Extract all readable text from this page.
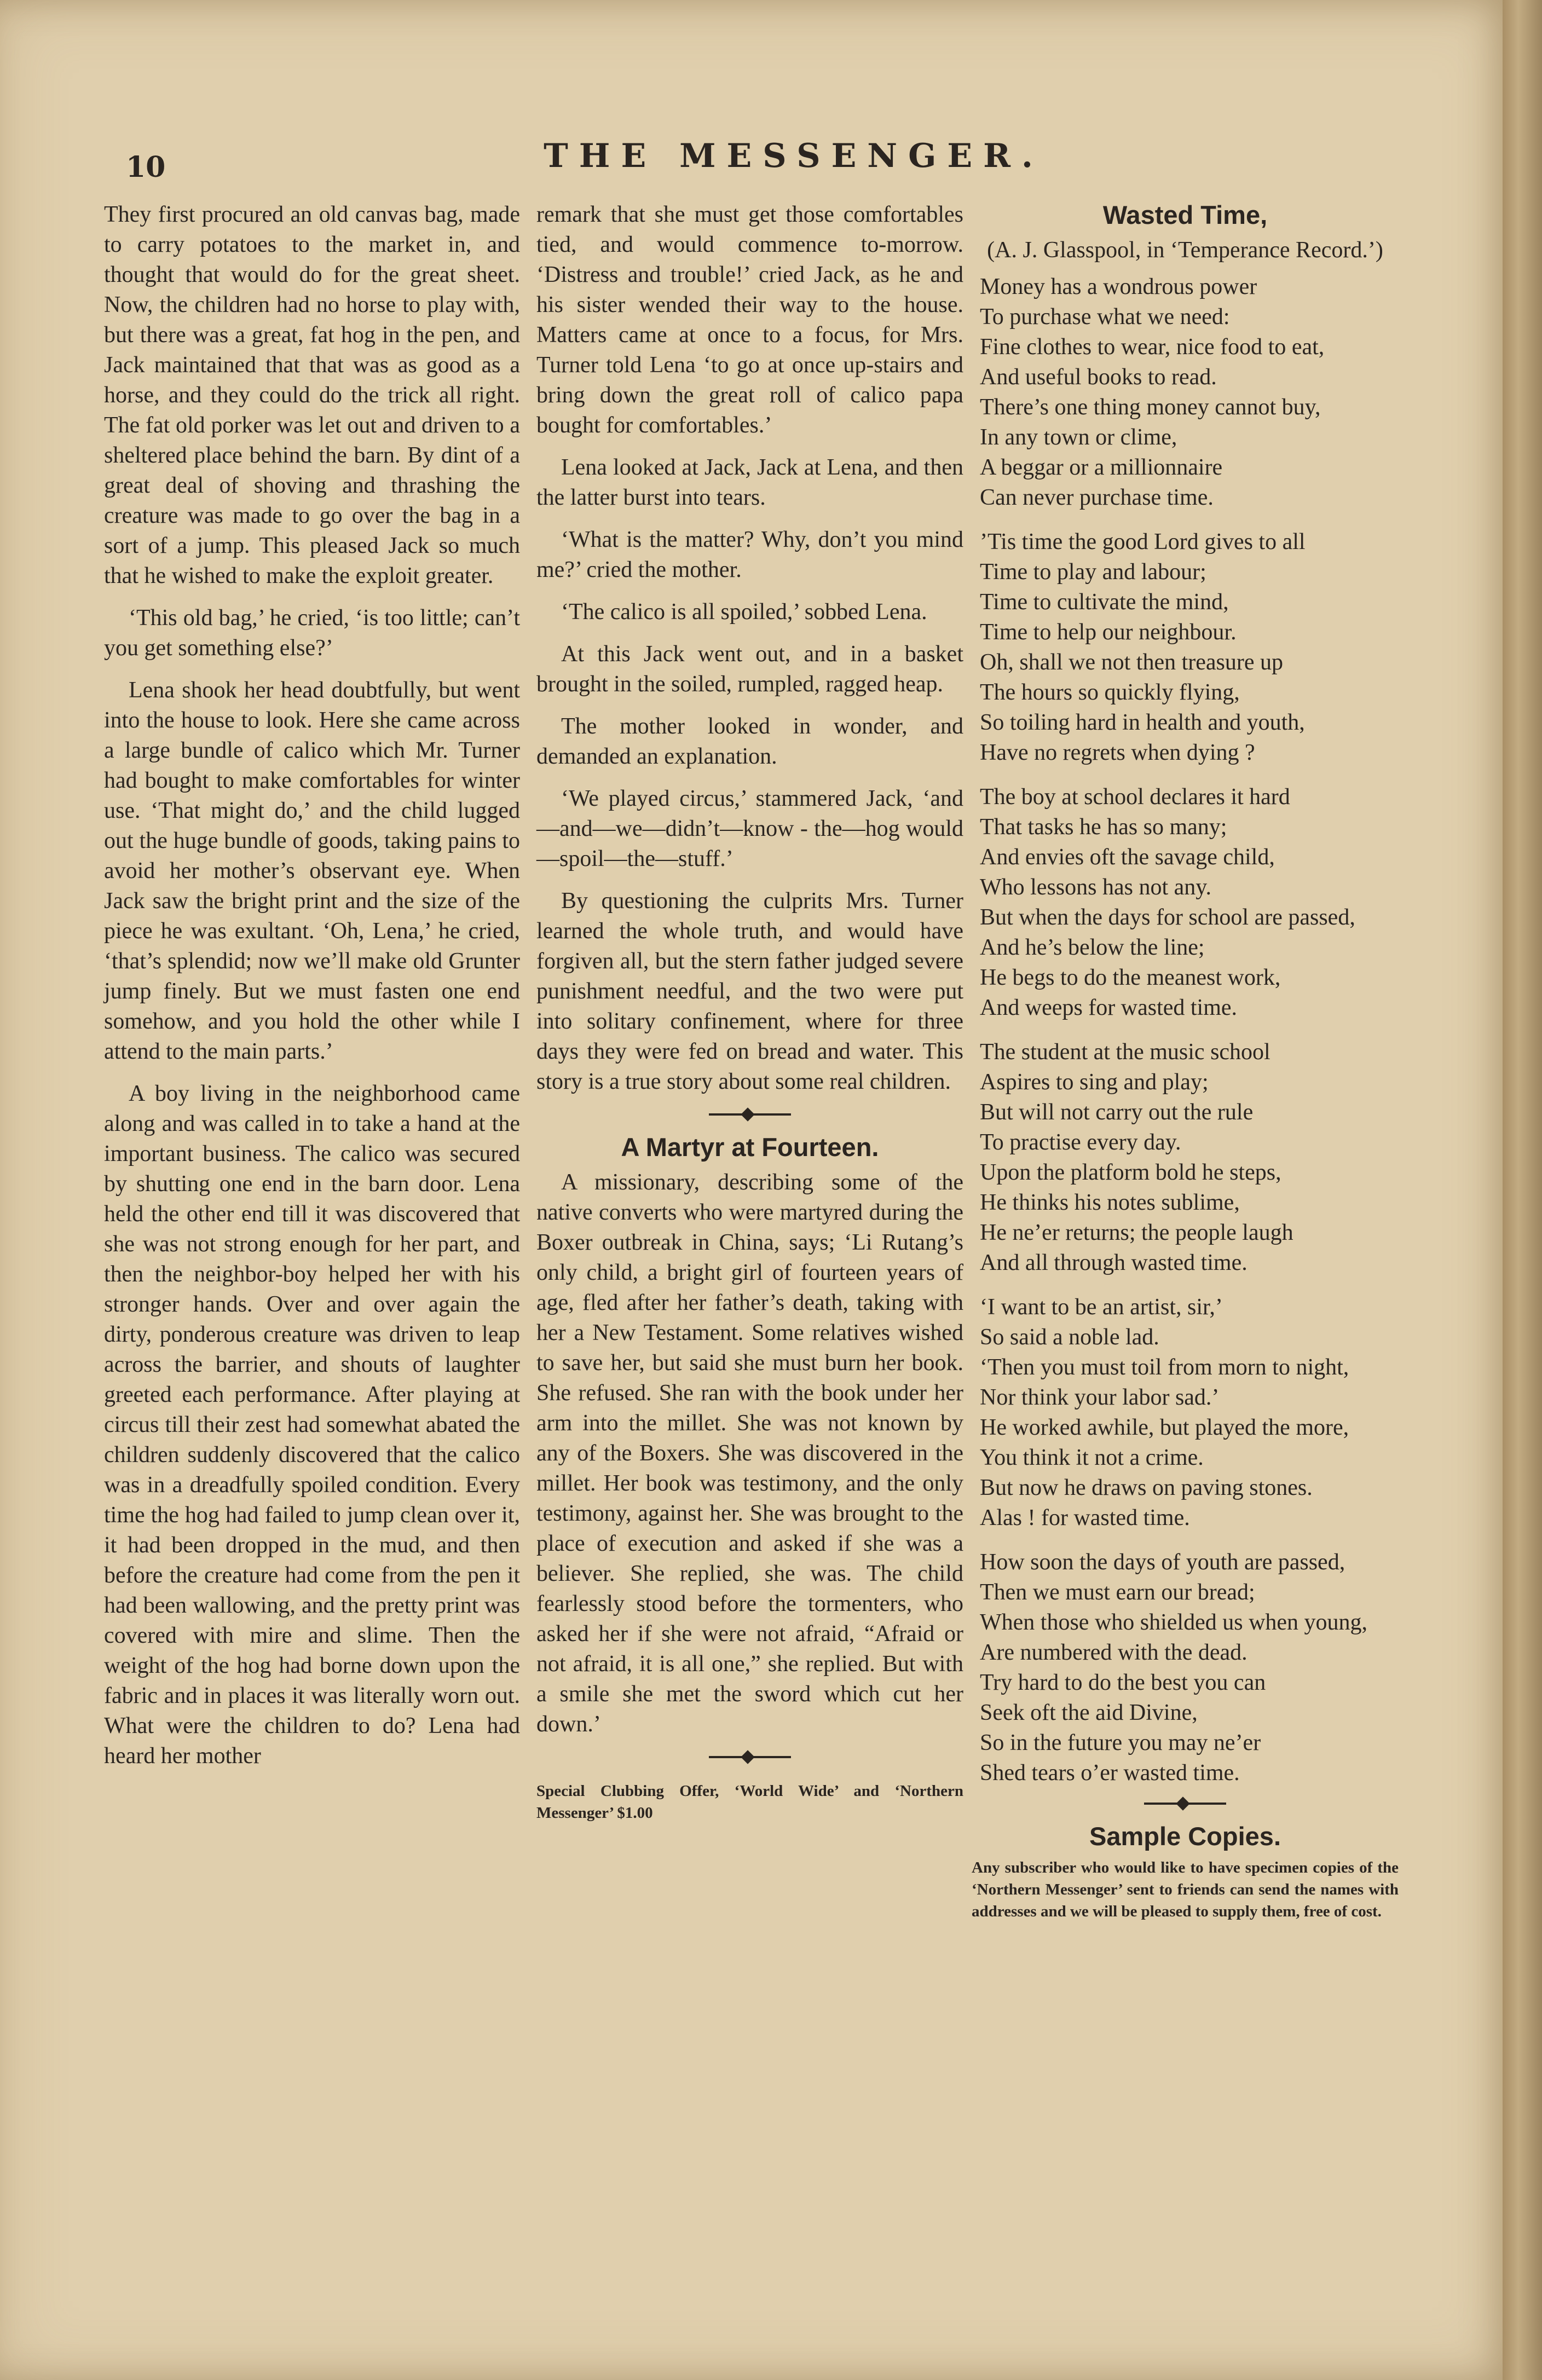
10	THE MESSENGER.

They first procured an old canvas bag, made to carry potatoes to the market in, and thought that would do for the great sheet. Now, the children had no horse to play with, but there was a great, fat hog in the pen, and Jack maintained that that was as good as a horse, and they could do the trick all right. The fat old porker was let out and driven to a sheltered place behind the barn. By dint of a great deal of shoving and thrashing the creature was made to go over the bag in a sort of a jump. This pleased Jack so much that he wished to make the exploit greater.

‘This old bag,’ he cried, ‘is too little; can’t you get something else?’

Lena shook her head doubtfully, but went into the house to look. Here she came across a large bundle of calico which Mr. Turner had bought to make comfortables for winter use. ‘That might do,’ and the child lugged out the huge bundle of goods, taking pains to avoid her mother’s observant eye. When Jack saw the bright print and the size of the piece he was exultant. ‘Oh, Lena,’ he cried, ‘that’s splendid; now we’ll make old Grunter jump finely. But we must fasten one end somehow, and you hold the other while I attend to the main parts.’

A boy living in the neighborhood came along and was called in to take a hand at the important business. The calico was secured by shutting one end in the barn door. Lena held the other end till it was discovered that she was not strong enough for her part, and then the neighbor-boy helped her with his stronger hands. Over and over again the dirty, ponderous creature was driven to leap across the barrier, and shouts of laughter greeted each performance. After playing at circus till their zest had somewhat abated the children suddenly discovered that the calico was in a dreadfully spoiled condition. Every time the hog had failed to jump clean over it, it had been dropped in the mud, and then before the creature had come from the pen it had been wallowing, and the pretty print was covered with mire and slime. Then the weight of the hog had borne down upon the fabric and in places it was literally worn out. What were the children to do? Lena had heard her mother

remark that she must get those comfortables tied, and would commence to-morrow. ‘Distress and trouble!’ cried Jack, as he and his sister wended their way to the house. Matters came at once to a focus, for Mrs. Turner told Lena ‘to go at once up-stairs and bring down the great roll of calico papa bought for comfortables.’

Lena looked at Jack, Jack at Lena, and then the latter burst into tears.

‘What is the matter? Why, don’t you mind me?’ cried the mother.

‘The calico is all spoiled,’ sobbed Lena.

At this Jack went out, and in a basket brought in the soiled, rumpled, ragged heap.

The mother looked in wonder, and demanded an explanation.

‘We played circus,’ stammered Jack, ‘and—and—we—didn’t—know - the—hog would—spoil—the—stuff.’

By questioning the culprits Mrs. Turner learned the whole truth, and would have forgiven all, but the stern father judged severe punishment needful, and the two were put into solitary confinement, where for three days they were fed on bread and water. This story is a true story about some real children.

A Martyr at Fourteen.

A missionary, describing some of the native converts who were martyred during the Boxer outbreak in China, says; ‘Li Rutang’s only child, a bright girl of fourteen years of age, fled after her father’s death, taking with her a New Testament. Some relatives wished to save her, but said she must burn her book. She refused. She ran with the book under her arm into the millet. She was not known by any of the Boxers. She was discovered in the millet. Her book was testimony, and the only testimony, against her. She was brought to the place of execution and asked if she was a believer. She replied, she was. The child fearlessly stood before the tormenters, who asked her if she were not afraid, “Afraid or not afraid, it is all one,” she replied. But with a smile she met the sword which cut her down.’

Special Clubbing Offer, ‘World Wide’ and ‘Northern Messenger’ $1.00
Wasted Time,
(A. J. Glasspool, in ‘Temperance Record.’)
Money has a wondrous power
To purchase what we need:
Fine clothes to wear, nice food to eat,
And useful books to read.
There’s one thing money cannot buy,
In any town or clime,
A beggar or a millionnaire
Can never purchase time.
’Tis time the good Lord gives to all
Time to play and labour;
Time to cultivate the mind,
Time to help our neighbour.
Oh, shall we not then treasure up
The hours so quickly flying,
So toiling hard in health and youth,
Have no regrets when dying ?
The boy at school declares it hard
That tasks he has so many;
And envies oft the savage child,
Who lessons has not any.
But when the days for school are passed,
And he’s below the line;
He begs to do the meanest work,
And weeps for wasted time.
The student at the music school
Aspires to sing and play;
But will not carry out the rule
To practise every day.
Upon the platform bold he steps,
He thinks his notes sublime,
He ne’er returns; the people laugh
And all through wasted time.
‘I want to be an artist, sir,’
So said a noble lad.
‘Then you must toil from morn to night,
Nor think your labor sad.’
He worked awhile, but played the more,
You think it not a crime.
But now he draws on paving stones.
Alas ! for wasted time.
How soon the days of youth are passed,
Then we must earn our bread;
When those who shielded us when young,
Are numbered with the dead.
Try hard to do the best you can
Seek oft the aid Divine,
So in the future you may ne’er
Shed tears o’er wasted time.
Sample Copies.
Any subscriber who would like to have specimen copies of the ‘Northern Messenger’ sent to friends can send the names with addresses and we will be pleased to supply them, free of cost.
